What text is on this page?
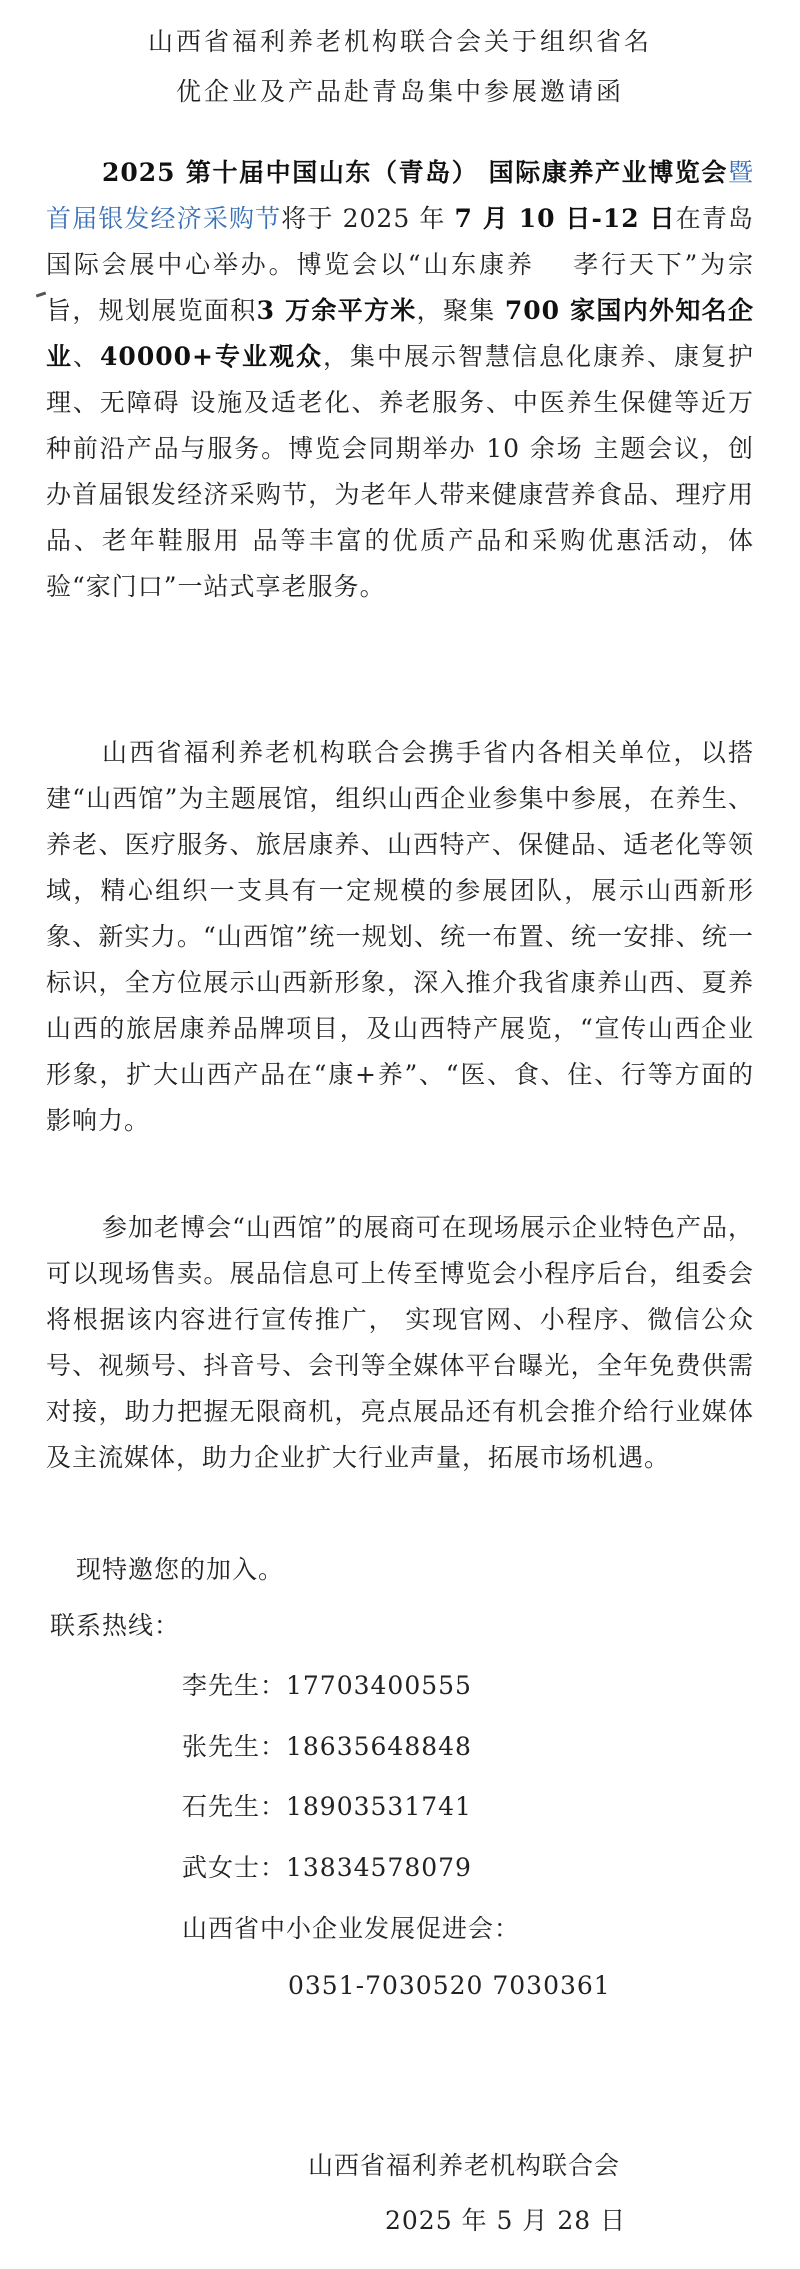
山西省福利养老机构联合会关于组织省名
优企业及产品赴青岛集中参展邀请函
2025 第十届中国山东（青岛） 国际康养产业博览会暨首届银发经济采购节将于 2025 年 7 月 10 日-12 日在青岛国际会展中心举办。博览会以“山东康养　 孝行天下”为宗旨，规划展览面积3 万余平方米，聚集 700 家国内外知名企业、40000+专业观众，集中展示智慧信息化康养、康复护理、无障碍 设施及适老化、养老服务、中医养生保健等近万种前沿产品与服务。博览会同期举办 10 余场 主题会议，创办首届银发经济采购节，为老年人带来健康营养食品、理疗用品、老年鞋服用 品等丰富的优质产品和采购优惠活动，体验“家门口”一站式享老服务。
山西省福利养老机构联合会携手省内各相关单位，以搭建“山西馆”为主题展馆，组织山西企业参集中参展，在养生、养老、医疗服务、旅居康养、山西特产、保健品、适老化等领域，精心组织一支具有一定规模的参展团队，展示山西新形象、新实力。“山西馆”统一规划、统一布置、统一安排、统一标识，全方位展示山西新形象，深入推介我省康养山西、夏养山西的旅居康养品牌项目，及山西特产展览，“宣传山西企业形象，扩大山西产品在“康+养”、“医、食、住、行等方面的影响力。
参加老博会“山西馆”的展商可在现场展示企业特色产品，可以现场售卖。展品信息可上传至博览会小程序后台，组委会将根据该内容进行宣传推广， 实现官网、小程序、微信公众号、视频号、抖音号、会刊等全媒体平台曝光，全年免费供需对接，助力把握无限商机，亮点展品还有机会推介给行业媒体及主流媒体，助力企业扩大行业声量，拓展市场机遇。
现特邀您的加入。
联系热线：
李先生：17703400555
张先生：18635648848
石先生：18903531741
武女士：13834578079
山西省中小企业发展促进会：
0351-7030520 7030361
山西省福利养老机构联合会
2025 年 5 月 28 日
